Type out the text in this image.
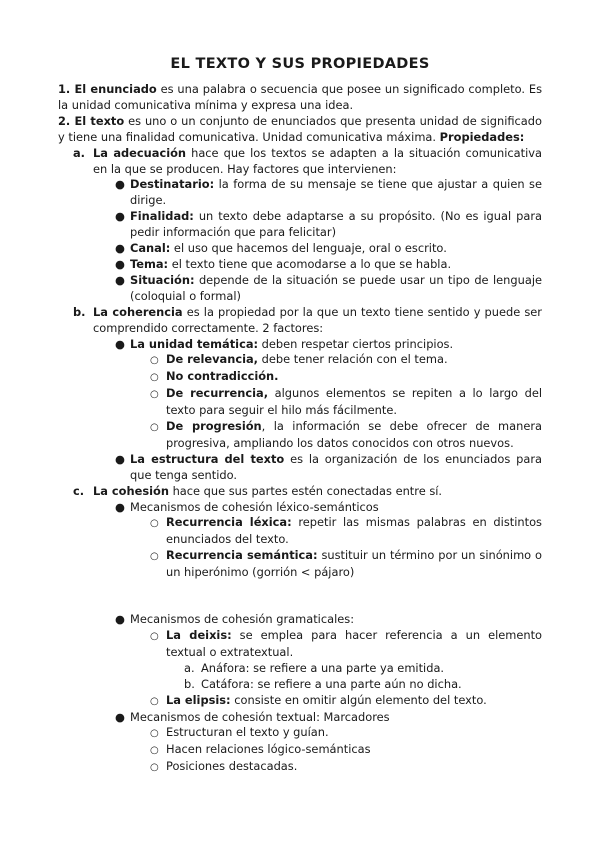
EL TEXTO Y SUS PROPIEDADES

1. El enunciado es una palabra o secuencia que posee un significado completo. Es la unidad comunicativa mínima y expresa una idea.

2. El texto es uno o un conjunto de enunciados que presenta unidad de significado y tiene una finalidad comunicativa. Unidad comunicativa máxima. Propiedades:

a. La adecuación hace que los textos se adapten a la situación comunicativa en la que se producen. Hay factores que intervienen:
● Destinatario: la forma de su mensaje se tiene que ajustar a quien se dirige.
● Finalidad: un texto debe adaptarse a su propósito. (No es igual para pedir información que para felicitar)
● Canal: el uso que hacemos del lenguaje, oral o escrito.
● Tema: el texto tiene que acomodarse a lo que se habla.
● Situación: depende de la situación se puede usar un tipo de lenguaje (coloquial o formal)
b. La coherencia es la propiedad por la que un texto tiene sentido y puede ser comprendido correctamente. 2 factores:
● La unidad temática: deben respetar ciertos principios.
○ De relevancia, debe tener relación con el tema.
○ No contradicción.
○ De recurrencia, algunos elementos se repiten a lo largo del texto para seguir el hilo más fácilmente.
○ De progresión, la información se debe ofrecer de manera progresiva, ampliando los datos conocidos con otros nuevos.
● La estructura del texto es la organización de los enunciados para que tenga sentido.
c. La cohesión hace que sus partes estén conectadas entre sí.
● Mecanismos de cohesión léxico-semánticos
○ Recurrencia léxica: repetir las mismas palabras en distintos enunciados del texto.
○ Recurrencia semántica: sustituir un término por un sinónimo o un hiperónimo (gorrión < pájaro)
● Mecanismos de cohesión gramaticales:
○ La deixis: se emplea para hacer referencia a un elemento textual o extratextual.
a. Anáfora: se refiere a una parte ya emitida.
b. Catáfora: se refiere a una parte aún no dicha.
○ La elipsis: consiste en omitir algún elemento del texto.
● Mecanismos de cohesión textual: Marcadores
○ Estructuran el texto y guían.
○ Hacen relaciones lógico-semánticas
○ Posiciones destacadas.
